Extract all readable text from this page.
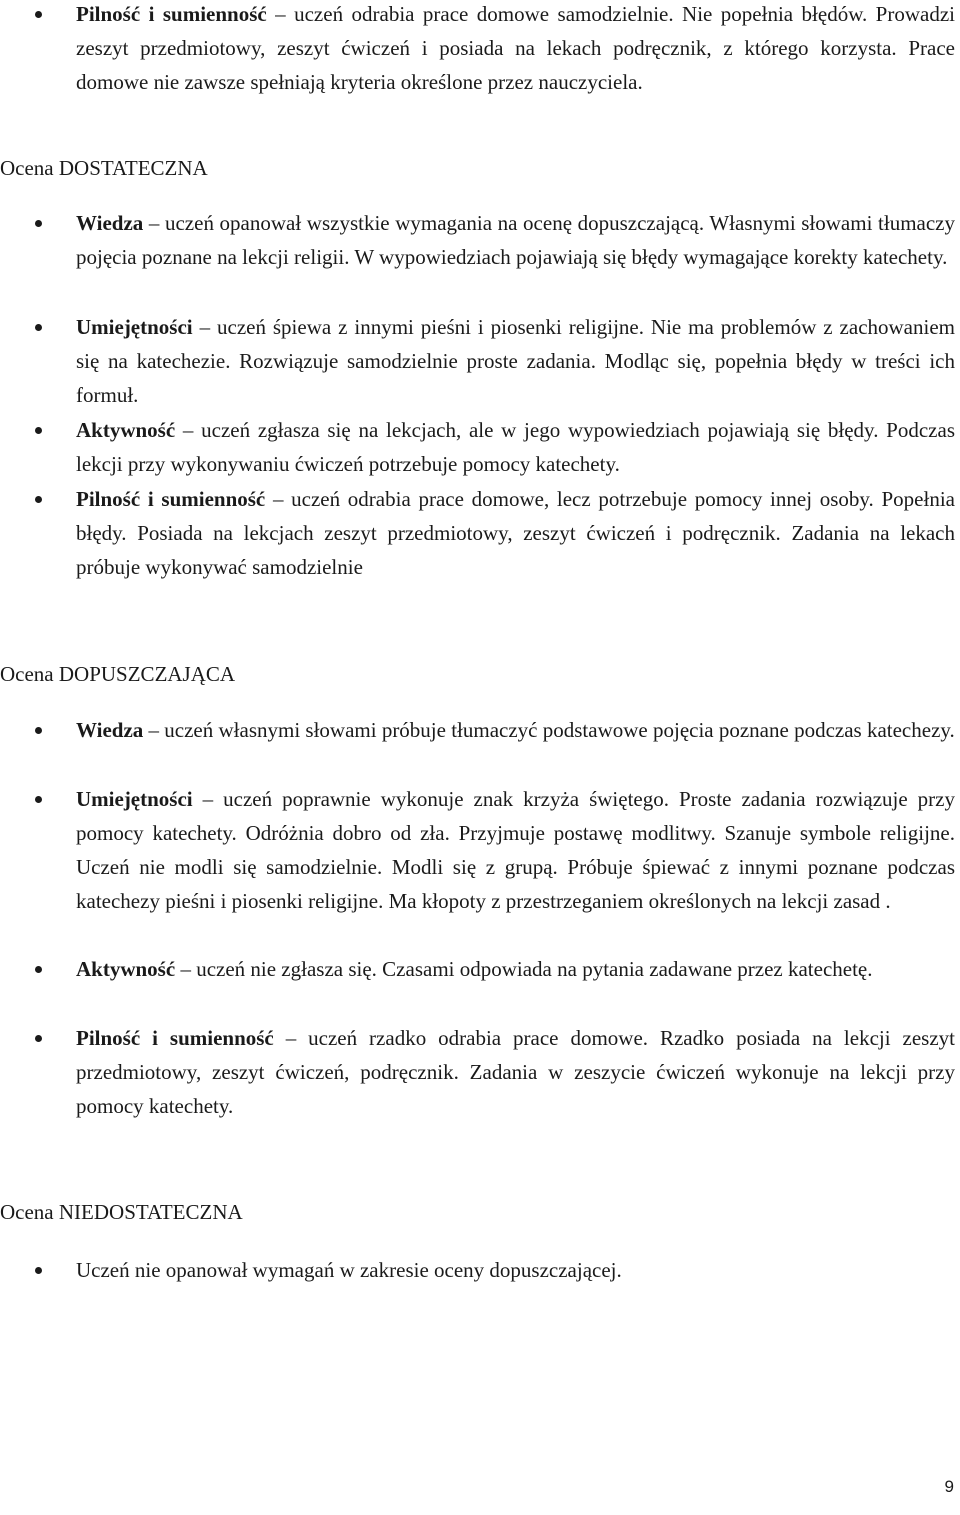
Pilność i sumienność – uczeń odrabia prace domowe samodzielnie. Nie popełnia błędów. Prowadzi zeszyt przedmiotowy, zeszyt ćwiczeń i posiada na lekach podręcznik, z którego korzysta. Prace domowe nie zawsze spełniają kryteria określone przez nauczyciela.
Ocena DOSTATECZNA
Wiedza – uczeń opanował wszystkie wymagania na ocenę dopuszczającą. Własnymi słowami tłumaczy pojęcia poznane na lekcji religii. W wypowiedziach pojawiają się błędy wymagające korekty katechety.
Umiejętności – uczeń śpiewa z innymi pieśni i piosenki religijne. Nie ma problemów z zachowaniem się na katechezie. Rozwiązuje samodzielnie proste zadania. Modląc się, popełnia błędy w treści ich formuł.
Aktywność – uczeń zgłasza się na lekcjach, ale w jego wypowiedziach pojawiają się błędy. Podczas lekcji przy wykonywaniu ćwiczeń potrzebuje pomocy katechety.
Pilność i sumienność – uczeń odrabia prace domowe, lecz potrzebuje pomocy innej osoby. Popełnia błędy. Posiada na lekcjach zeszyt przedmiotowy, zeszyt ćwiczeń i podręcznik. Zadania na lekach próbuje wykonywać samodzielnie
Ocena DOPUSZCZAJĄCA
Wiedza – uczeń własnymi słowami próbuje tłumaczyć podstawowe pojęcia poznane podczas katechezy.
Umiejętności – uczeń poprawnie wykonuje znak krzyża świętego. Proste zadania rozwiązuje przy pomocy katechety. Odróżnia dobro od zła. Przyjmuje postawę modlitwy. Szanuje symbole religijne. Uczeń nie modli się samodzielnie. Modli się z grupą. Próbuje śpiewać z innymi poznane podczas katechezy pieśni i piosenki religijne. Ma kłopoty z przestrzeganiem określonych na lekcji zasad .
Aktywność – uczeń nie zgłasza się. Czasami odpowiada na pytania zadawane przez katechetę.
Pilność i sumienność – uczeń rzadko odrabia prace domowe. Rzadko posiada na lekcji zeszyt przedmiotowy, zeszyt ćwiczeń, podręcznik. Zadania w zeszycie ćwiczeń wykonuje na lekcji przy pomocy katechety.
Ocena NIEDOSTATECZNA
Uczeń nie opanował wymagań w zakresie oceny dopuszczającej.
9
